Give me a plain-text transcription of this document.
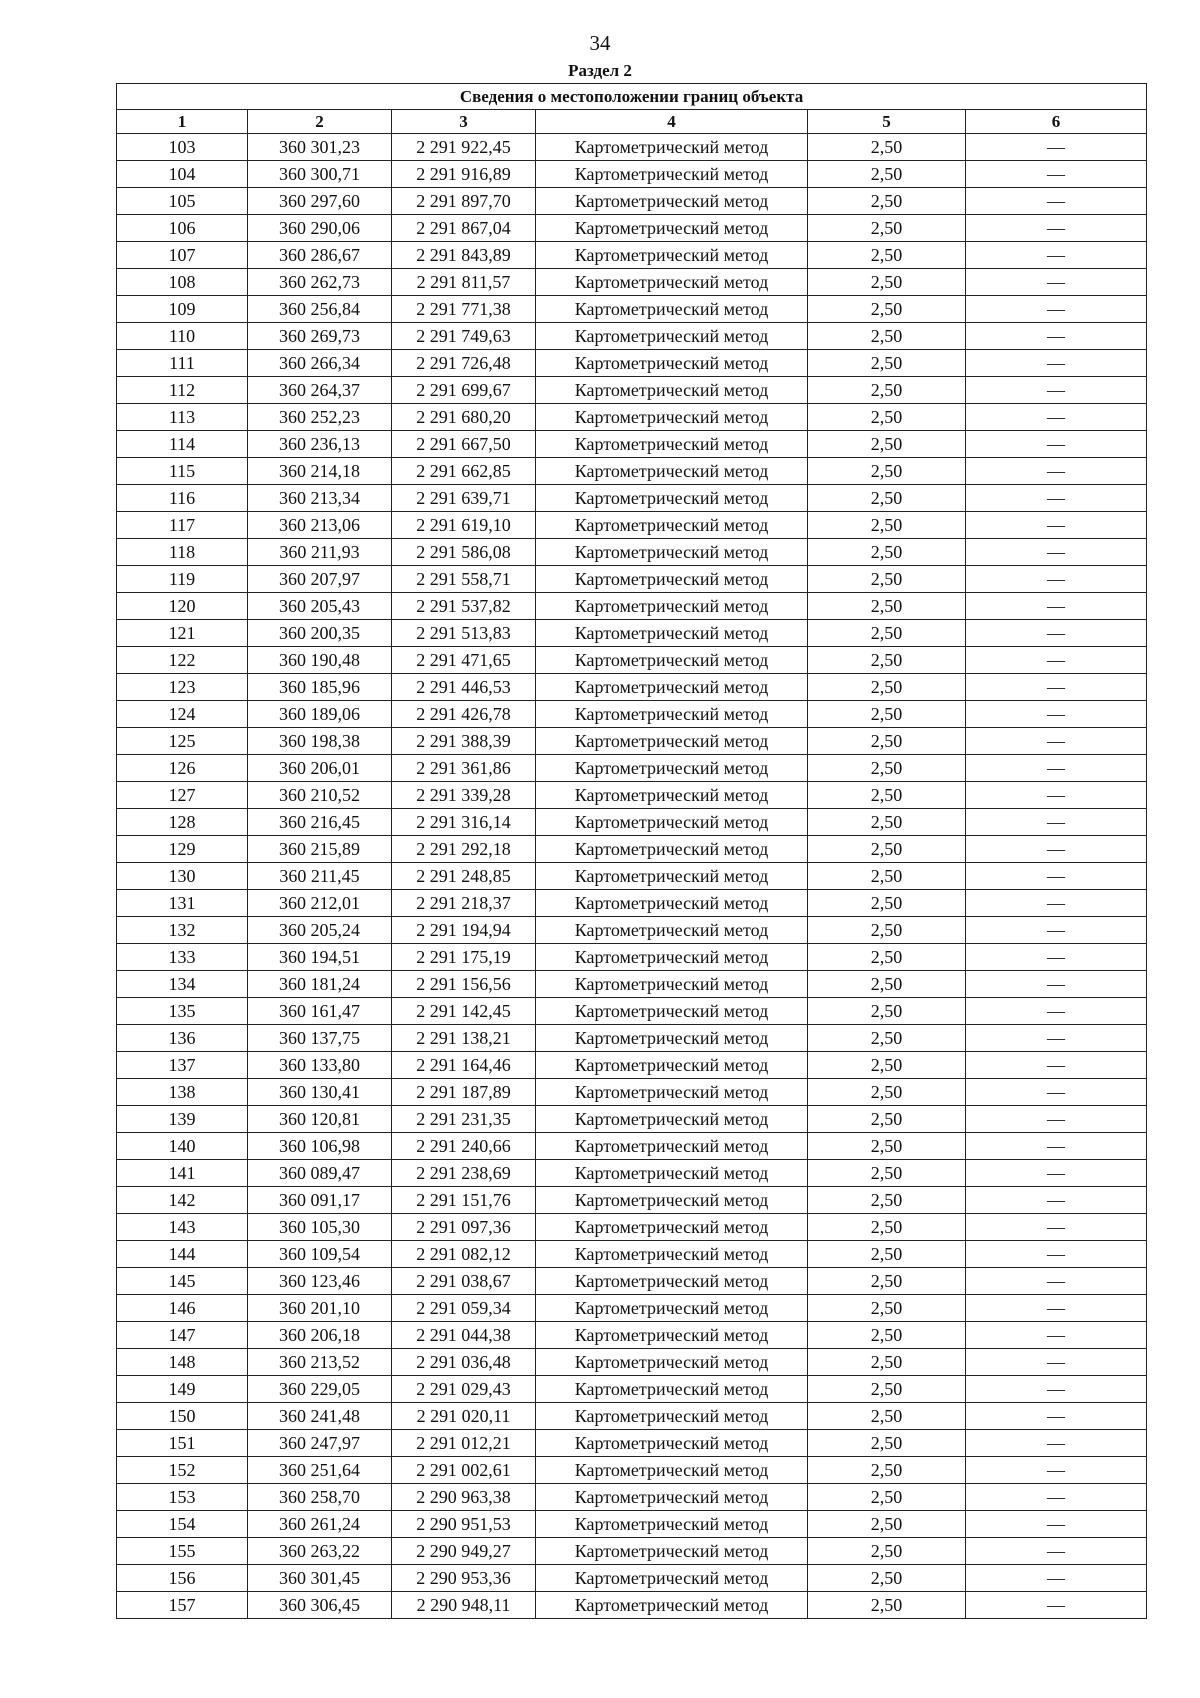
34
Раздел 2
Сведения о местоположении границ объекта					
1	2	3	4	5	6
103	360 301,23	2 291 922,45	Картометрический метод	2,50	—
104	360 300,71	2 291 916,89	Картометрический метод	2,50	—
105	360 297,60	2 291 897,70	Картометрический метод	2,50	—
106	360 290,06	2 291 867,04	Картометрический метод	2,50	—
107	360 286,67	2 291 843,89	Картометрический метод	2,50	—
108	360 262,73	2 291 811,57	Картометрический метод	2,50	—
109	360 256,84	2 291 771,38	Картометрический метод	2,50	—
110	360 269,73	2 291 749,63	Картометрический метод	2,50	—
111	360 266,34	2 291 726,48	Картометрический метод	2,50	—
112	360 264,37	2 291 699,67	Картометрический метод	2,50	—
113	360 252,23	2 291 680,20	Картометрический метод	2,50	—
114	360 236,13	2 291 667,50	Картометрический метод	2,50	—
115	360 214,18	2 291 662,85	Картометрический метод	2,50	—
116	360 213,34	2 291 639,71	Картометрический метод	2,50	—
117	360 213,06	2 291 619,10	Картометрический метод	2,50	—
118	360 211,93	2 291 586,08	Картометрический метод	2,50	—
119	360 207,97	2 291 558,71	Картометрический метод	2,50	—
120	360 205,43	2 291 537,82	Картометрический метод	2,50	—
121	360 200,35	2 291 513,83	Картометрический метод	2,50	—
122	360 190,48	2 291 471,65	Картометрический метод	2,50	—
123	360 185,96	2 291 446,53	Картометрический метод	2,50	—
124	360 189,06	2 291 426,78	Картометрический метод	2,50	—
125	360 198,38	2 291 388,39	Картометрический метод	2,50	—
126	360 206,01	2 291 361,86	Картометрический метод	2,50	—
127	360 210,52	2 291 339,28	Картометрический метод	2,50	—
128	360 216,45	2 291 316,14	Картометрический метод	2,50	—
129	360 215,89	2 291 292,18	Картометрический метод	2,50	—
130	360 211,45	2 291 248,85	Картометрический метод	2,50	—
131	360 212,01	2 291 218,37	Картометрический метод	2,50	—
132	360 205,24	2 291 194,94	Картометрический метод	2,50	—
133	360 194,51	2 291 175,19	Картометрический метод	2,50	—
134	360 181,24	2 291 156,56	Картометрический метод	2,50	—
135	360 161,47	2 291 142,45	Картометрический метод	2,50	—
136	360 137,75	2 291 138,21	Картометрический метод	2,50	—
137	360 133,80	2 291 164,46	Картометрический метод	2,50	—
138	360 130,41	2 291 187,89	Картометрический метод	2,50	—
139	360 120,81	2 291 231,35	Картометрический метод	2,50	—
140	360 106,98	2 291 240,66	Картометрический метод	2,50	—
141	360 089,47	2 291 238,69	Картометрический метод	2,50	—
142	360 091,17	2 291 151,76	Картометрический метод	2,50	—
143	360 105,30	2 291 097,36	Картометрический метод	2,50	—
144	360 109,54	2 291 082,12	Картометрический метод	2,50	—
145	360 123,46	2 291 038,67	Картометрический метод	2,50	—
146	360 201,10	2 291 059,34	Картометрический метод	2,50	—
147	360 206,18	2 291 044,38	Картометрический метод	2,50	—
148	360 213,52	2 291 036,48	Картометрический метод	2,50	—
149	360 229,05	2 291 029,43	Картометрический метод	2,50	—
150	360 241,48	2 291 020,11	Картометрический метод	2,50	—
151	360 247,97	2 291 012,21	Картометрический метод	2,50	—
152	360 251,64	2 291 002,61	Картометрический метод	2,50	—
153	360 258,70	2 290 963,38	Картометрический метод	2,50	—
154	360 261,24	2 290 951,53	Картометрический метод	2,50	—
155	360 263,22	2 290 949,27	Картометрический метод	2,50	—
156	360 301,45	2 290 953,36	Картометрический метод	2,50	—
157	360 306,45	2 290 948,11	Картометрический метод	2,50	—
